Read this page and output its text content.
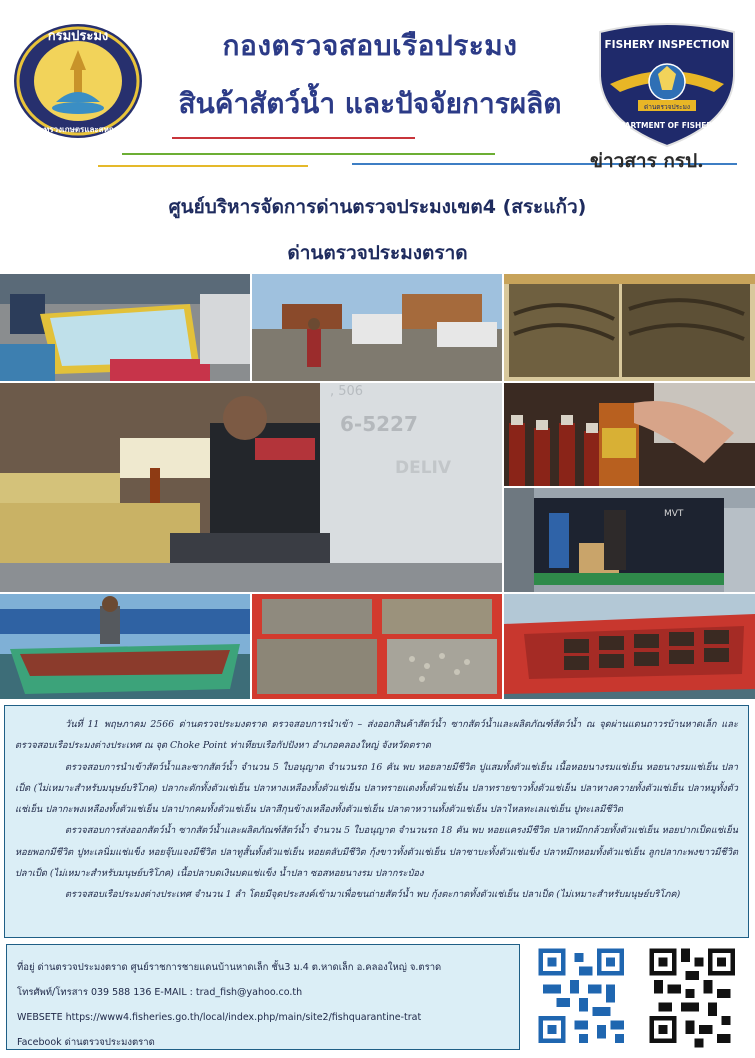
กรมประมง
กระทรวงเกษตรและสหกรณ์
กองตรวจสอบเรือประมง
สินค้าสัตว์น้ำ และปัจจัยการผลิต
FISHERY INSPECTION
ด่านตรวจประมง
DEPARTMENT OF FISHERIES
ข่าวสาร กรป.
ศูนย์บริหารจัดการด่านตรวจประมงเขต4 (สระแก้ว)
ด่านตรวจประมงตราด
, 506
6-5227
DELIV
MVT

วันที่ 11 พฤษภาคม 2566 ด่านตรวจประมงตราด ตรวจสอบการนำเข้า – ส่งออกสินค้าสัตว์น้ำ ซากสัตว์น้ำและผลิตภัณฑ์สัตว์น้ำ ณ จุดผ่านแดนถาวรบ้านหาดเล็ก และตรวจสอบเรือประมงต่างประเทศ ณ จุด Choke Point ท่าเทียบเรือกัปปังหา อำเภอคลองใหญ่ จังหวัดตราด

ตรวจสอบการนำเข้าสัตว์น้ำและซากสัตว์น้ำ จำนวน 5 ใบอนุญาต จำนวนรถ 16 คัน พบ หอยลายมีชีวิต ปูแสมทั้งตัวแช่เย็น เนื้อหอยนางรมแช่เย็น หอยนางรมแช่เย็น ปลาเป็ด (ไม่เหมาะสำหรับมนุษย์บริโภค) ปลากะตักทั้งตัวแช่เย็น ปลาหางเหลืองทั้งตัวแช่เย็น ปลาทรายแดงทั้งตัวแช่เย็น ปลาทรายขาวทั้งตัวแช่เย็น ปลาหางควายทั้งตัวแช่เย็น ปลาหมูทั้งตัวแช่เย็น ปลากะพงเหลืองทั้งตัวแช่เย็น ปลาปากคมทั้งตัวแช่เย็น ปลาสีกุนข้างเหลืองทั้งตัวแช่เย็น ปลาตาหวานทั้งตัวแช่เย็น ปลาไหลทะเลแช่เย็น ปูทะเลมีชีวิต

ตรวจสอบการส่งออกสัตว์น้ำ ซากสัตว์น้ำและผลิตภัณฑ์สัตว์น้ำ จำนวน 5 ใบอนุญาต จำนวนรถ 18 คัน พบ หอยแครงมีชีวิต ปลาหมึกกล้วยทั้งตัวแช่เย็น หอยปากเป็ดแช่เย็น หอยพอกมีชีวิต ปูทะเลนิ่มแช่แข็ง หอยจุ๊บแจงมีชีวิต ปลาทูสั้นทั้งตัวแช่เย็น หอยตลับมีชีวิต กุ้งขาวทั้งตัวแช่เย็น ปลาซาบะทั้งตัวแช่แข็ง ปลาหมึกหอมทั้งตัวแช่เย็น ลูกปลากะพงขาวมีชีวิต ปลาเป็ด (ไม่เหมาะสำหรับมนุษย์บริโภค) เนื้อปลาบดเงินบดแช่แข็ง น้ำปลา ซอสหอยนางรม ปลากระป๋อง

ตรวจสอบเรือประมงต่างประเทศ จำนวน 1 ลำ โดยมีจุดประสงค์เข้ามาเพื่อขนถ่ายสัตว์น้ำ พบ กุ้งตะกาดทั้งตัวแช่เย็น ปลาเป็ด (ไม่เหมาะสำหรับมนุษย์บริโภค)

ที่อยู่ ด่านตรวจประมงตราด ศูนย์ราชการชายแดนบ้านหาดเล็ก ชั้น3 ม.4 ต.หาดเล็ก อ.คลองใหญ่ จ.ตราด
โทรศัพท์/โทรสาร 039 588 136 E-MAIL : trad_fish@yahoo.co.th
WEBSETE https://www4.fisheries.go.th/local/index.php/main/site2/fishquarantine-trat
Facebook ด่านตรวจประมงตราด
